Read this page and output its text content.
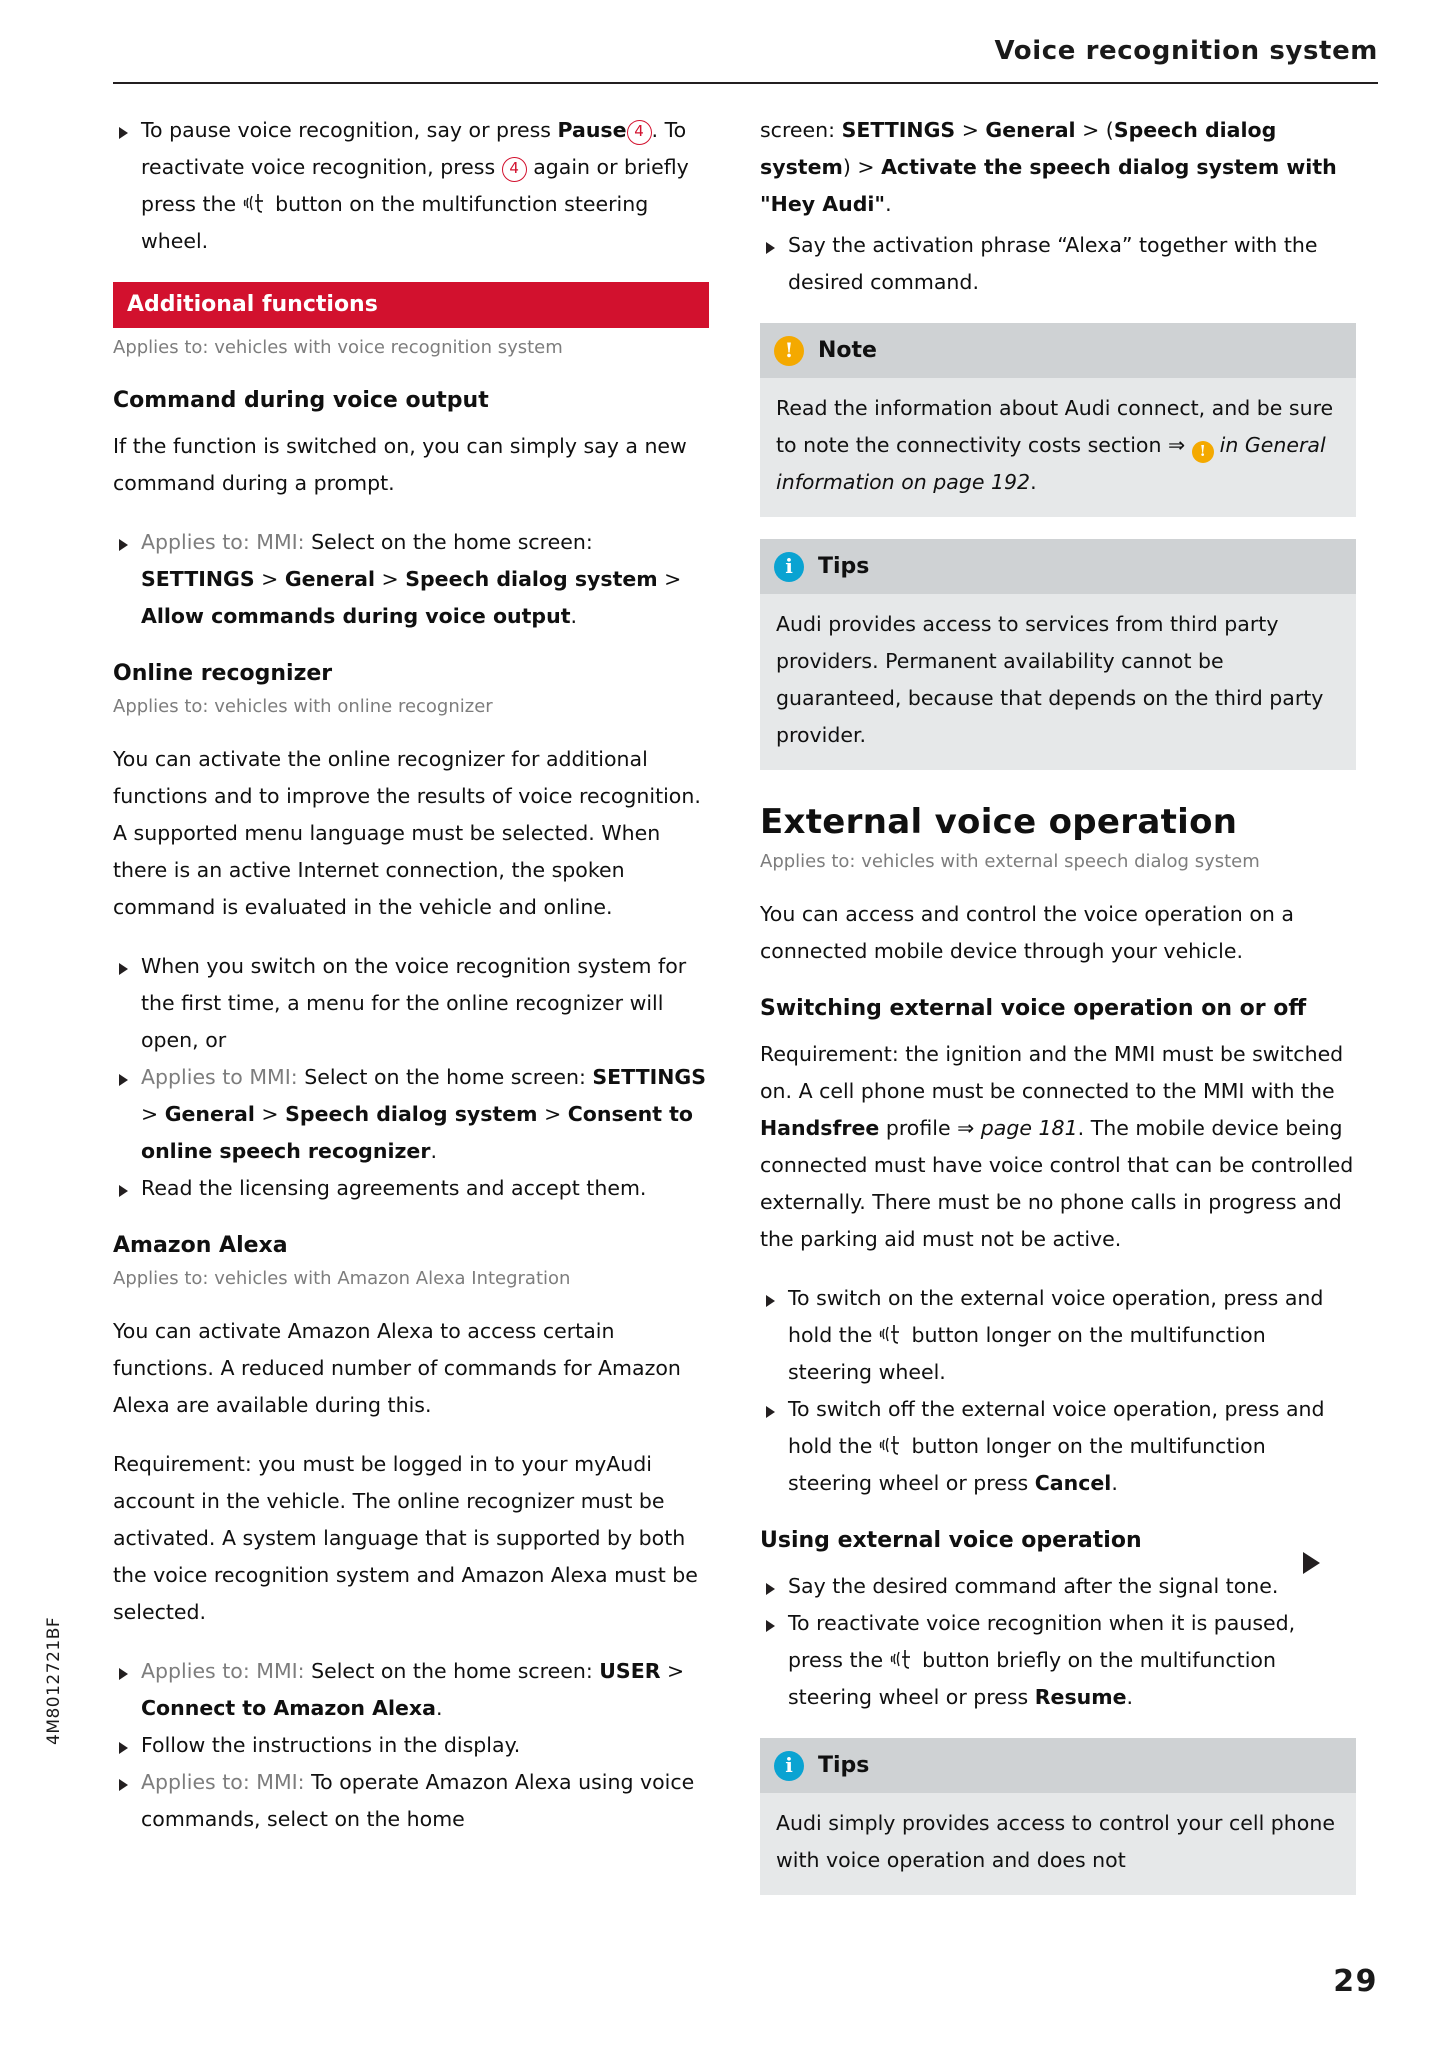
Voice recognition system
4M8012721BF
To pause voice recognition, say or press Pause 4 . To reactivate voice recognition, press 4 again or briefly press the
button on the multifunction steering wheel.
Additional functions
Applies to: vehicles with voice recognition system
Command during voice output

If the function is switched on, you can simply say a new command during a prompt.

Applies to: MMI: Select on the home screen: SETTINGS > General > Speech dialog system > Allow commands during voice output.
Online recognizer
Applies to: vehicles with online recognizer

You can activate the online recognizer for additional functions and to improve the results of voice recognition. A supported menu language must be selected. When there is an active Internet connection, the spoken command is evaluated in the vehicle and online.

When you switch on the voice recognition system for the first time, a menu for the online recognizer will open, or
Applies to MMI: Select on the home screen: SETTINGS > General > Speech dialog system > Consent to online speech recognizer.
Read the licensing agreements and accept them.
Amazon Alexa
Applies to: vehicles with Amazon Alexa Integration

You can activate Amazon Alexa to access certain functions. A reduced number of commands for Amazon Alexa are available during this.

Requirement: you must be logged in to your myAudi account in the vehicle. The online recognizer must be activated. A system language that is supported by both the voice recognition system and Amazon Alexa must be selected.

Applies to: MMI: Select on the home screen: USER > Connect to Amazon Alexa.
Follow the instructions in the display.
Applies to: MMI: To operate Amazon Alexa using voice commands, select on the home

screen: SETTINGS > General > (Speech dialog system) > Activate the speech dialog system with "Hey Audi".

Say the activation phrase “Alexa” together with the desired command.
!	Note
Read the information about Audi connect, and be sure to note the connectivity costs section ⇒ ! in General information on page 192.
i	Tips
Audi provides access to services from third party providers. Permanent availability cannot be guaranteed, because that depends on the third party provider.
External voice operation
Applies to: vehicles with external speech dialog system

You can access and control the voice operation on a connected mobile device through your vehicle.

Switching external voice operation on or off

Requirement: the ignition and the MMI must be switched on. A cell phone must be connected to the MMI with the Handsfree profile ⇒ page 181. The mobile device being connected must have voice control that can be controlled externally. There must be no phone calls in progress and the parking aid must not be active.

To switch on the external voice operation, press and hold the
button longer on the multifunction steering wheel.
To switch off the external voice operation, press and hold the
button longer on the multifunction steering wheel or press Cancel.
Using external voice operation
Say the desired command after the signal tone.
To reactivate voice recognition when it is paused, press the
button briefly on the multifunction steering wheel or press Resume.
i	Tips
Audi simply provides access to control your cell phone with voice operation and does not
29
